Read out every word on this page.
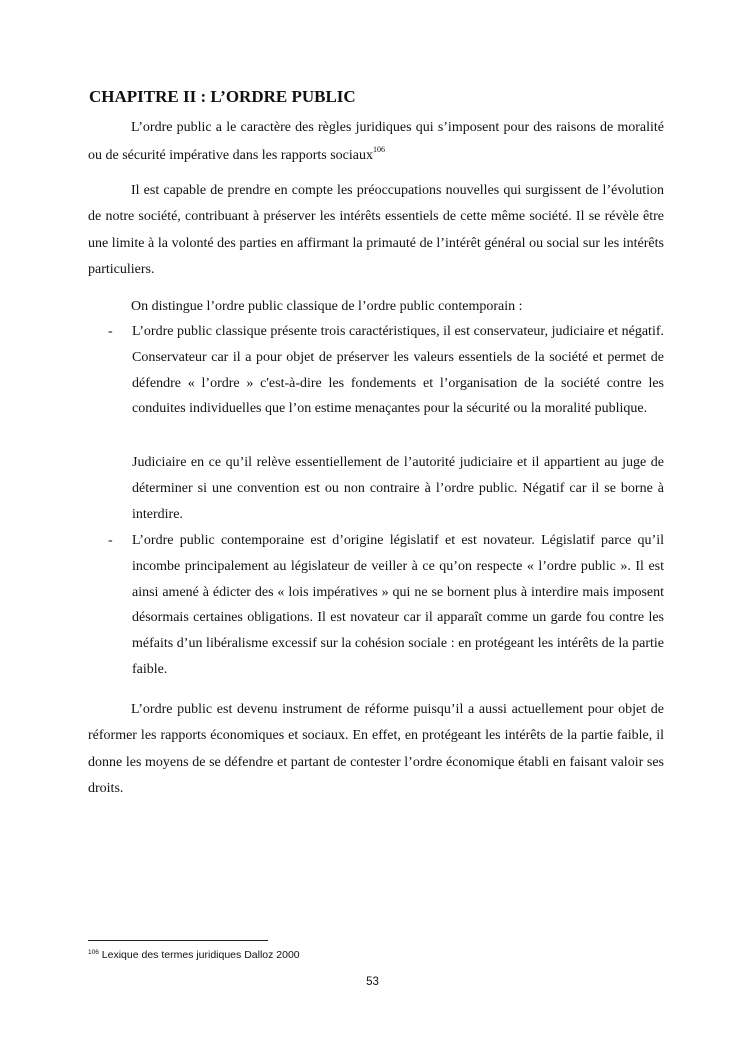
CHAPITRE II : L’ORDRE PUBLIC

L’ordre public a le caractère des règles juridiques qui s’imposent pour des raisons de moralité ou de sécurité impérative dans les rapports sociaux$^{106}$

Il est capable de prendre en compte les préoccupations nouvelles qui surgissent de l’évolution de notre société, contribuant à préserver les intérêts essentiels de cette même société. Il se révèle être une limite à la volonté des parties en affirmant la primauté de l’intérêt général ou social sur les intérêts particuliers.

On distingue l’ordre public classique de l’ordre public contemporain :

- L’ordre public classique présente trois caractéristiques, il est conservateur, judiciaire et négatif. Conservateur car il a pour objet de préserver les valeurs essentiels de la société et permet de défendre « l’ordre » c'est-à-dire les fondements et l’organisation de la société contre les conduites individuelles que l’on estime menaçantes pour la sécurité ou la moralité publique.

Judiciaire en ce qu’il relève essentiellement de l’autorité judiciaire et il appartient au juge de déterminer si une convention est ou non contraire à l’ordre public. Négatif car il se borne à interdire.

- L’ordre public contemporaine est d’origine législatif et est novateur. Législatif parce qu’il incombe principalement au législateur de veiller à ce qu’on respecte « l’ordre public ». Il est ainsi amené à édicter des « lois impératives » qui ne se bornent plus à interdire mais imposent désormais certaines obligations. Il est novateur car il apparaît comme un garde fou contre les méfaits d’un libéralisme excessif sur la cohésion sociale : en protégeant les intérêts de la partie faible.

L’ordre public est devenu instrument de réforme puisqu’il a aussi actuellement pour objet de réformer les rapports économiques et sociaux. En effet, en protégeant les intérêts de la partie faible, il donne les moyens de se défendre et partant de contester l’ordre économique établi en faisant valoir ses droits.

$^{106}$ Lexique des termes juridiques Dalloz 2000
53
